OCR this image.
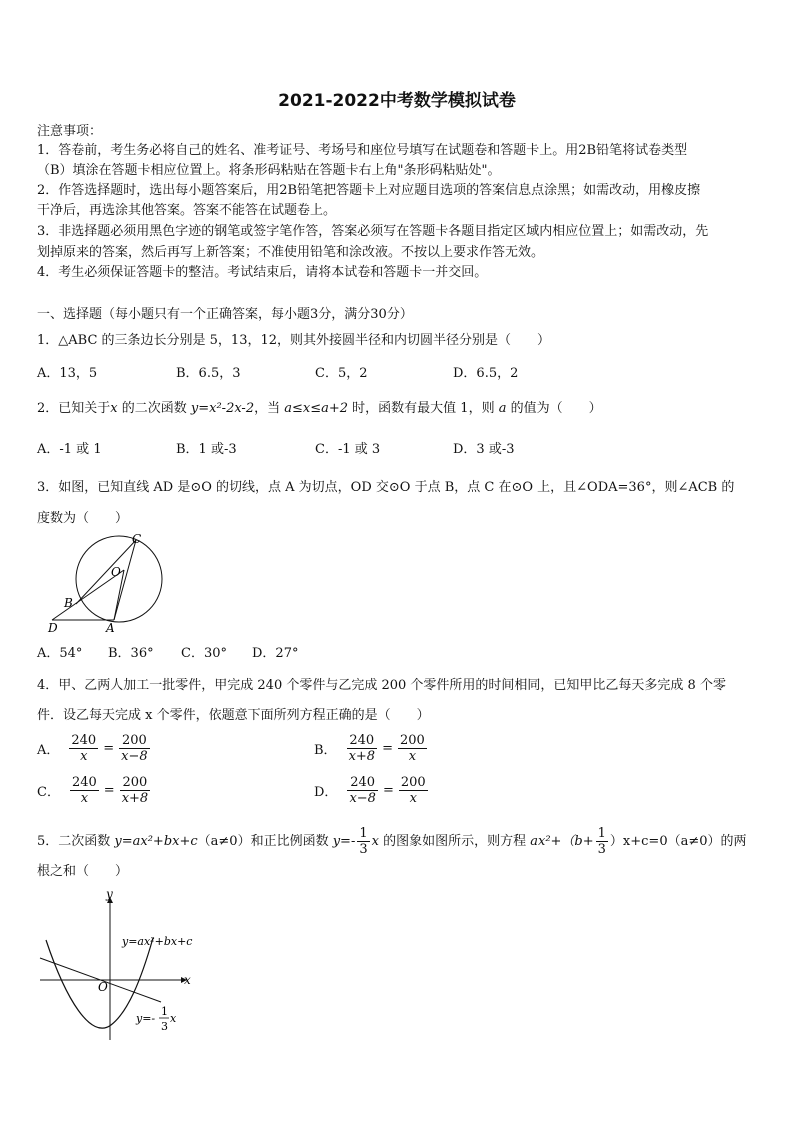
2021-2022中考数学模拟试卷
注意事项：
1．答卷前，考生务必将自己的姓名、准考证号、考场号和座位号填写在试题卷和答题卡上。用2B铅笔将试卷类型
（B）填涂在答题卡相应位置上。将条形码粘贴在答题卡右上角"条形码粘贴处"。
2．作答选择题时，选出每小题答案后，用2B铅笔把答题卡上对应题目选项的答案信息点涂黑；如需改动，用橡皮擦
干净后，再选涂其他答案。答案不能答在试题卷上。
3．非选择题必须用黑色字迹的钢笔或签字笔作答，答案必须写在答题卡各题目指定区域内相应位置上；如需改动，先
划掉原来的答案，然后再写上新答案；不准使用铅笔和涂改液。不按以上要求作答无效。
4．考生必须保证答题卡的整洁。考试结束后，请将本试卷和答题卡一并交回。
一、选择题（每小题只有一个正确答案，每小题3分，满分30分）
1．△ABC 的三条边长分别是 5，13，12，则其外接圆半径和内切圆半径分别是（　　）
A．13，5	B．6.5，3	C．5，2	D．6.5，2
2．已知关于x 的二次函数 y=x²-2x-2，当 a≤x≤a+2 时，函数有最大值 1，则 a 的值为（　　）
A．-1 或 1	B．1 或-3	C．-1 或 3	D．3 或-3
3．如图，已知直线 AD 是⊙O 的切线，点 A 为切点，OD 交⊙O 于点 B，点 C 在⊙O 上，且∠ODA=36°，则∠ACB 的
度数为（　　）
C
O
B
D	A
A．54° B．36° C．30° D．27°
4．甲、乙两人加工一批零件，甲完成 240 个零件与乙完成 200 个零件所用的时间相同，已知甲比乙每天多完成 8 个零
件．设乙每天完成 x 个零件，依题意下面所列方程正确的是（　　）
A． $\frac{240}{x} = \frac{200}{x-8}$	B． $\frac{240}{x+8} = \frac{200}{x}$
C． $\frac{240}{x} = \frac{200}{x+8}$	D． $\frac{240}{x-8} = \frac{200}{x}$
5．二次函数 y=ax²+bx+c（a≠0）和正比例函数 $y=- \frac{1}{3}$ x 的图象如图所示，则方程 $ax^2+(b+ \frac{1}{3} )x+c=0(a\ne 0)$的两
根之和（　　）
y
x
O
y=ax²+bx+c
y=-
1
3
x
